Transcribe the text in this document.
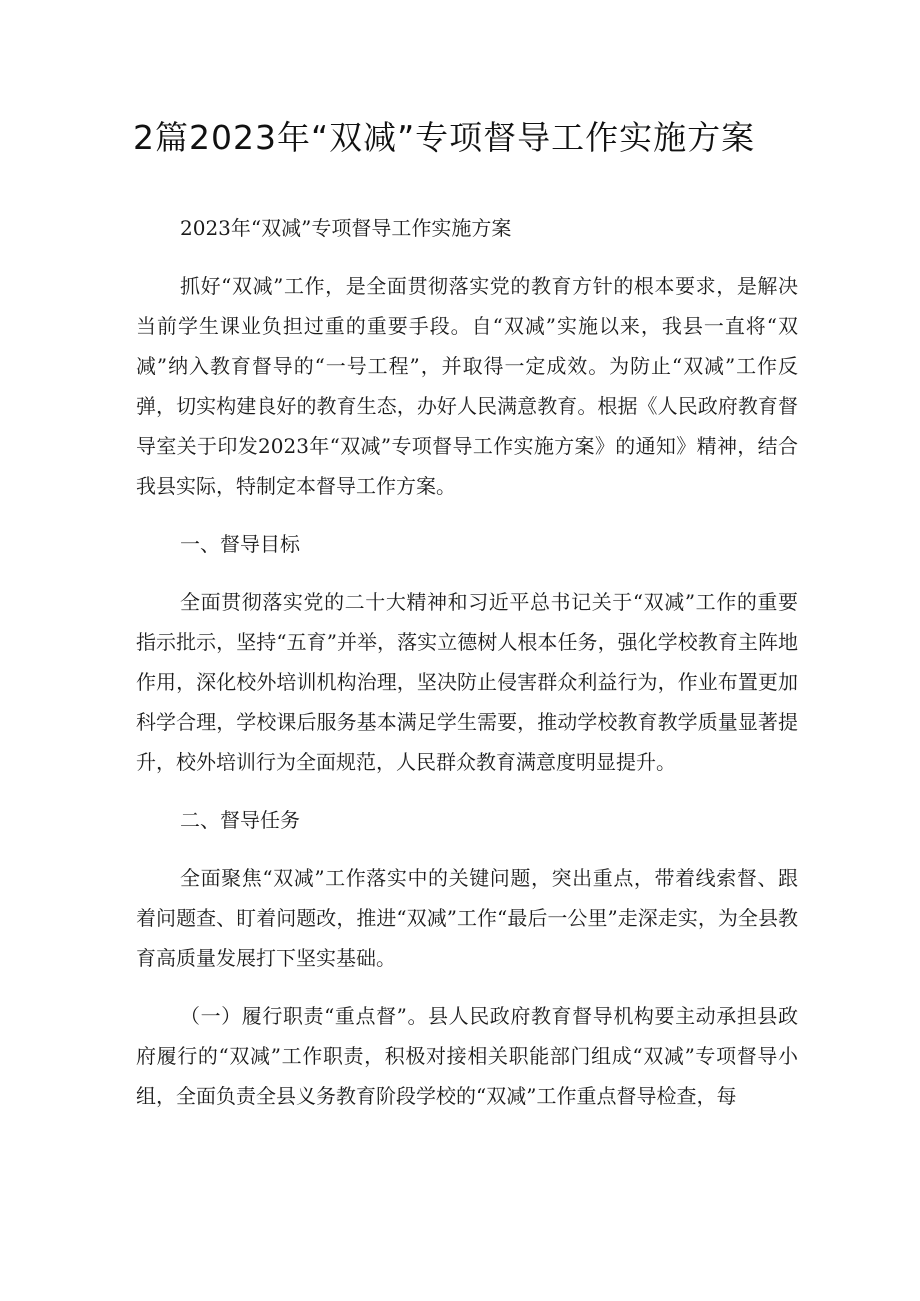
2篇2023年“双减”专项督导工作实施方案

2023年“双减”专项督导工作实施方案

抓好“双减”工作，是全面贯彻落实党的教育方针的根本要求，是解决当前学生课业负担过重的重要手段。自“双减”实施以来，我县一直将“双减”纳入教育督导的“一号工程”，并取得一定成效。为防止“双减”工作反弹，切实构建良好的教育生态，办好人民满意教育。根据《人民政府教育督导室关于印发2023年“双减”专项督导工作实施方案》的通知》精神，结合我县实际，特制定本督导工作方案。

一、督导目标

全面贯彻落实党的二十大精神和习近平总书记关于“双减”工作的重要指示批示，坚持“五育”并举，落实立德树人根本任务，强化学校教育主阵地作用，深化校外培训机构治理，坚决防止侵害群众利益行为，作业布置更加科学合理，学校课后服务基本满足学生需要，推动学校教育教学质量显著提升，校外培训行为全面规范，人民群众教育满意度明显提升。

二、督导任务

全面聚焦“双减”工作落实中的关键问题，突出重点，带着线索督、跟着问题查、盯着问题改，推进“双减”工作“最后一公里”走深走实，为全县教育高质量发展打下坚实基础。

（一）履行职责“重点督”。县人民政府教育督导机构要主动承担县政府履行的“双减”工作职责，积极对接相关职能部门组成“双减”专项督导小组，全面负责全县义务教育阶段学校的“双减”工作重点督导检查，每
